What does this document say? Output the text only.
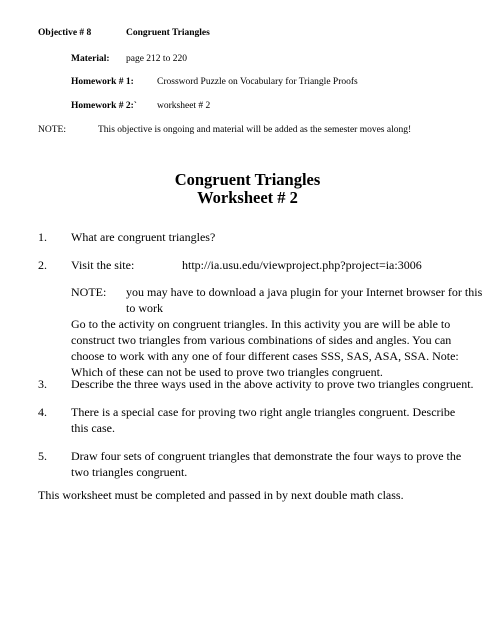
Objective # 8	Congruent Triangles
Material: page 212 to 220
Homework # 1: Crossword Puzzle on Vocabulary for Triangle Proofs
Homework # 2:` worksheet # 2
NOTE:	This objective is ongoing and material will be added as the semester moves along!
Congruent Triangles
Worksheet # 2
1. What are congruent triangles?
2. Visit the site:	http://ia.usu.edu/viewproject.php?project=ia:3006
NOTE: you may have to download a java plugin for your Internet browser for this
to work
Go to the activity on congruent triangles. In this activity you are will be able to construct two triangles from various combinations of sides and angles. You can choose to work with any one of four different cases SSS, SAS, ASA, SSA. Note: Which of these can not be used to prove two triangles congruent.
3. Describe the three ways used in the above activity to prove two triangles congruent.
4. There is a special case for proving two right angle triangles congruent. Describe this case.
5. Draw four sets of congruent triangles that demonstrate the four ways to prove the two triangles congruent.
This worksheet must be completed and passed in by next double math class.
